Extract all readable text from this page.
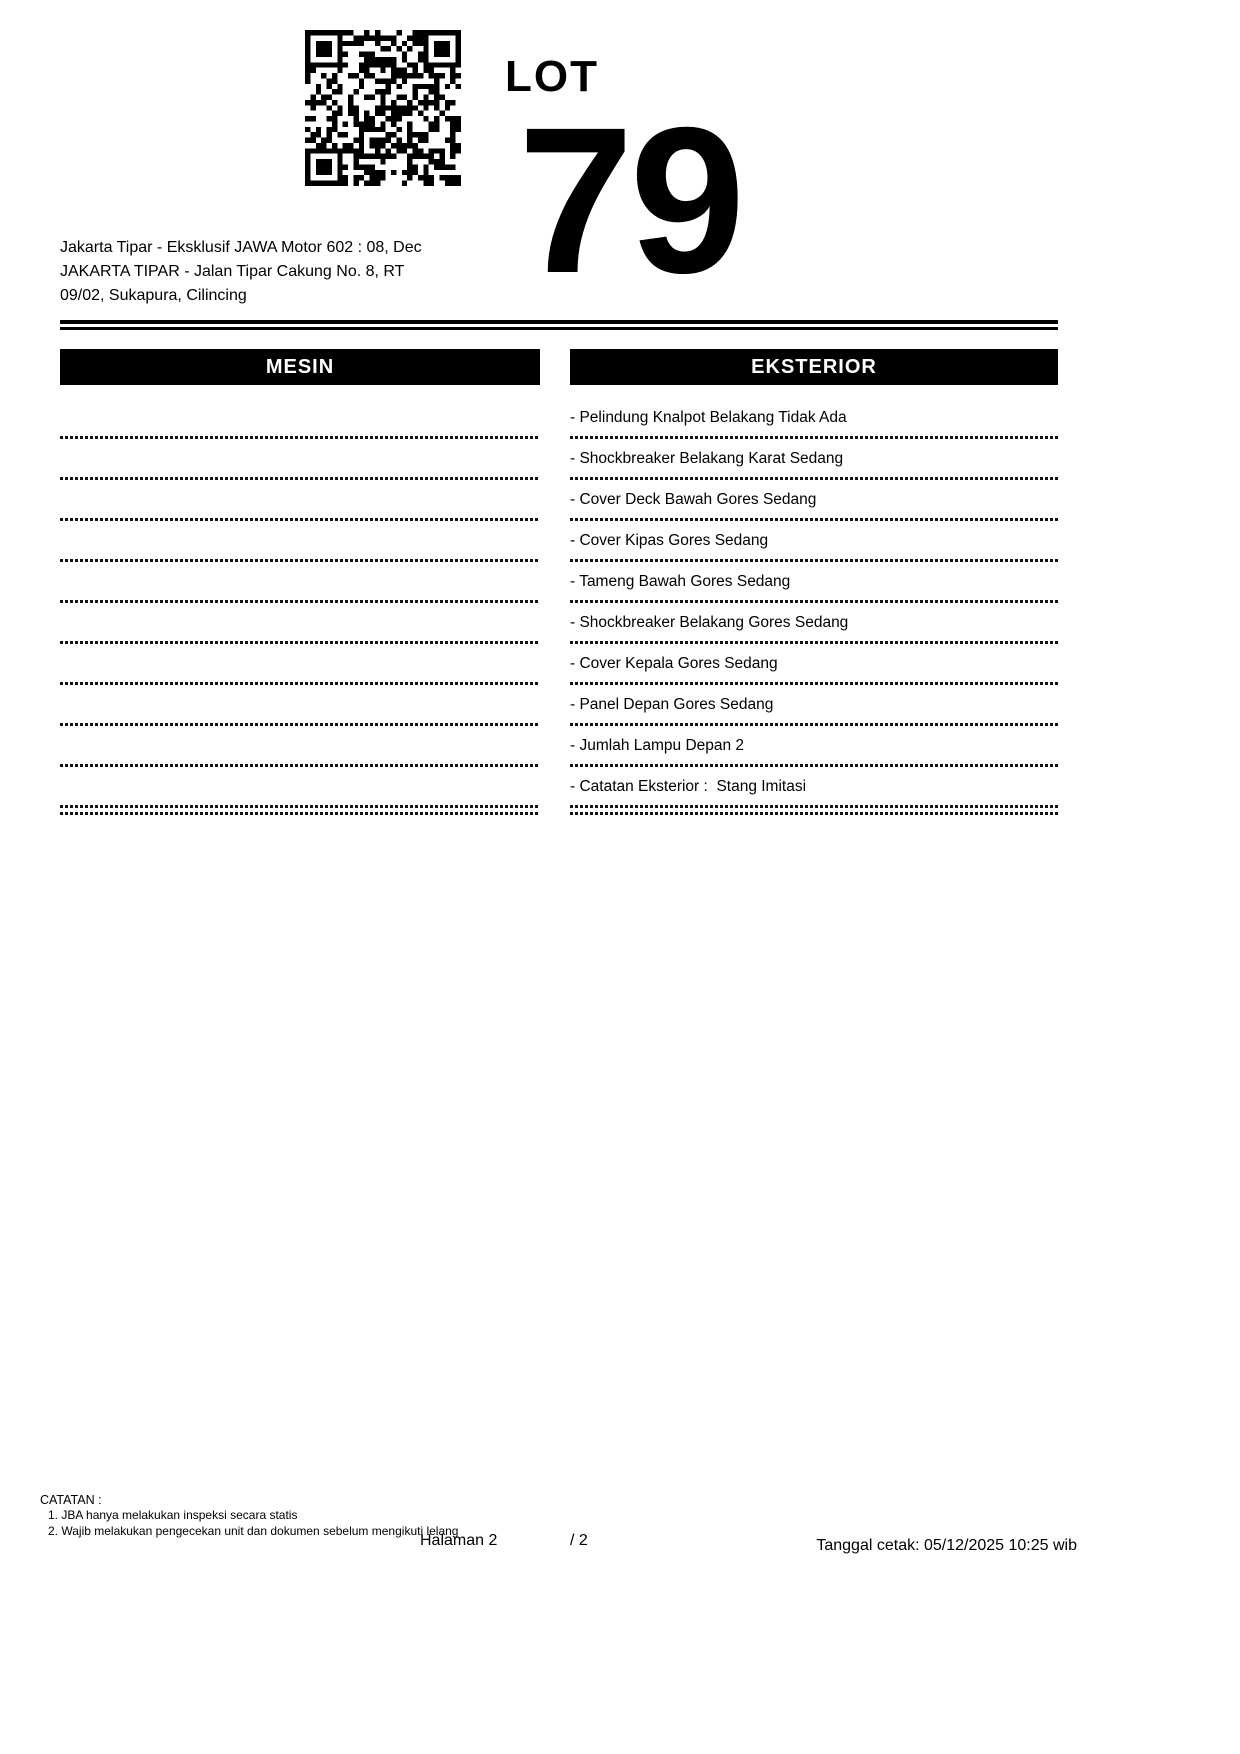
LOT
79
Jakarta Tipar - Eksklusif JAWA Motor 602 : 08, Dec
JAKARTA TIPAR - Jalan Tipar Cakung No. 8, RT
09/02, Sukapura, Cilincing
MESIN	EKSTERIOR
- Pelindung Knalpot Belakang Tidak Ada
- Shockbreaker Belakang Karat Sedang
- Cover Deck Bawah Gores Sedang
- Cover Kipas Gores Sedang
- Tameng Bawah Gores Sedang
- Shockbreaker Belakang Gores Sedang
- Cover Kepala Gores Sedang
- Panel Depan Gores Sedang
- Jumlah Lampu Depan 2
- Catatan Eksterior :  Stang Imitasi
CATATAN :
1. JBA hanya melakukan inspeksi secara statis
2. Wajib melakukan pengecekan unit dan dokumen sebelum mengikuti lelang
Halaman 2	/ 2	Tanggal cetak: 05/12/2025 10:25 wib
